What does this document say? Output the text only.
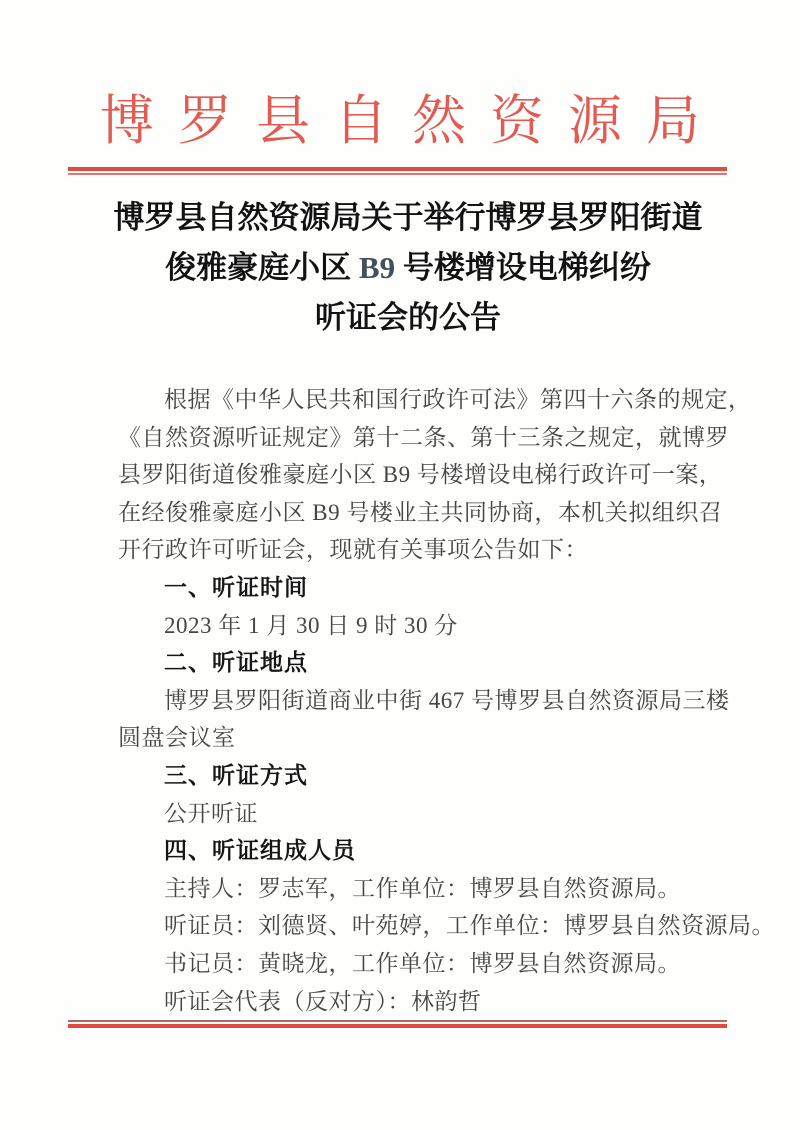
博罗县自然资源局
博罗县自然资源局关于举行博罗县罗阳街道
俊雅豪庭小区 B9 号楼增设电梯纠纷
听证会的公告
根据《中华人民共和国行政许可法》第四十六条的规定，
《自然资源听证规定》第十二条、第十三条之规定，就博罗
县罗阳街道俊雅豪庭小区 B9 号楼增设电梯行政许可一案，
在经俊雅豪庭小区 B9 号楼业主共同协商，本机关拟组织召
开行政许可听证会，现就有关事项公告如下：
一、听证时间
2023 年 1 月 30 日 9 时 30 分
二、听证地点
博罗县罗阳街道商业中街 467 号博罗县自然资源局三楼
圆盘会议室
三、听证方式
公开听证
四、听证组成人员
主持人：罗志军，工作单位：博罗县自然资源局。
听证员：刘德贤、叶苑婷，工作单位：博罗县自然资源局。
书记员：黄晓龙，工作单位：博罗县自然资源局。
听证会代表（反对方）：林韵哲
